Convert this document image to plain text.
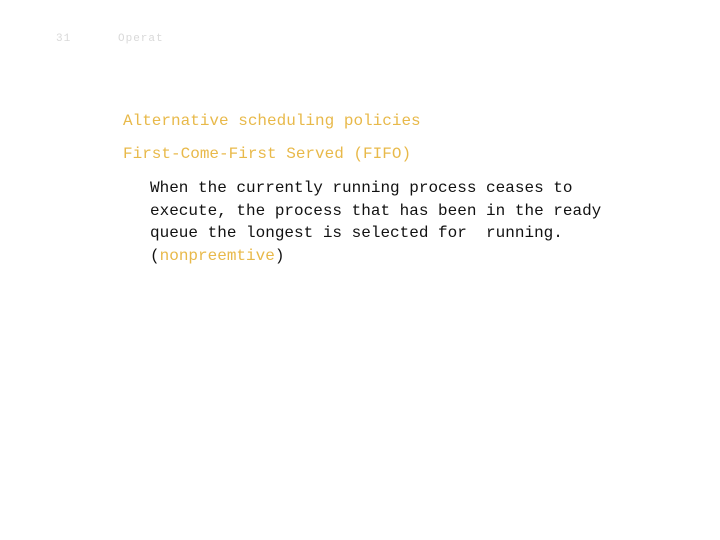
31	Operat
Alternative scheduling policies
First-Come-First Served (FIFO)
When the currently running process ceases to
execute, the process that has been in the ready
queue the longest is selected for  running.
(nonpreemtive)
